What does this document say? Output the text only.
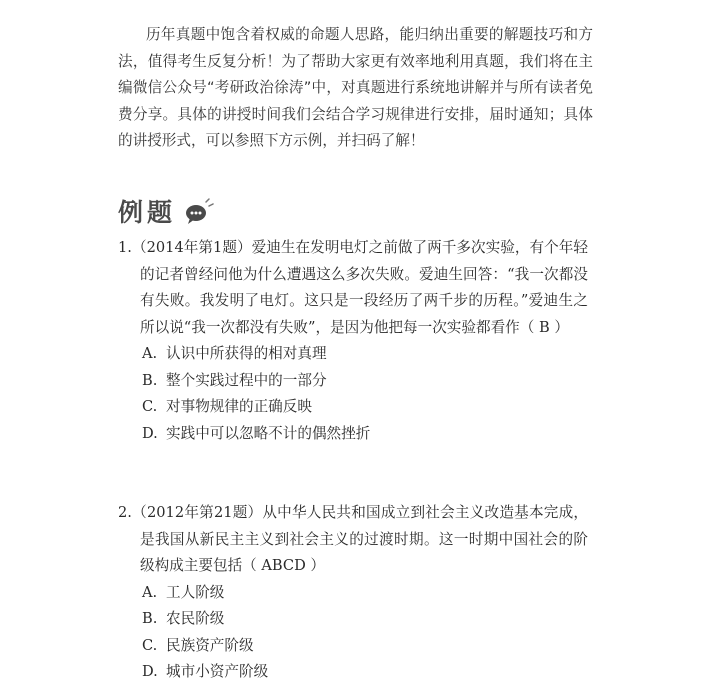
历年真题中饱含着权威的命题人思路，能归纳出重要的解题技巧和方法，值得考生反复分析！为了帮助大家更有效率地利用真题，我们将在主编微信公众号“考研政治徐涛”中，对真题进行系统地讲解并与所有读者免费分享。具体的讲授时间我们会结合学习规律进行安排，届时通知；具体的讲授形式，可以参照下方示例，并扫码了解！

例题

1.（2014年第1题）爱迪生在发明电灯之前做了两千多次实验，有个年轻的记者曾经问他为什么遭遇这么多次失败。爱迪生回答：“我一次都没有失败。我发明了电灯。这只是一段经历了两千步的历程。”爱迪生之所以说“我一次都没有失败”，是因为他把每一次实验都看作（ B ）

A. 认识中所获得的相对真理
B. 整个实践过程中的一部分
C. 对事物规律的正确反映
D. 实践中可以忽略不计的偶然挫折

2.（2012年第21题）从中华人民共和国成立到社会主义改造基本完成，是我国从新民主主义到社会主义的过渡时期。这一时期中国社会的阶级构成主要包括（ ABCD ）

A. 工人阶级
B. 农民阶级
C. 民族资产阶级
D. 城市小资产阶级
